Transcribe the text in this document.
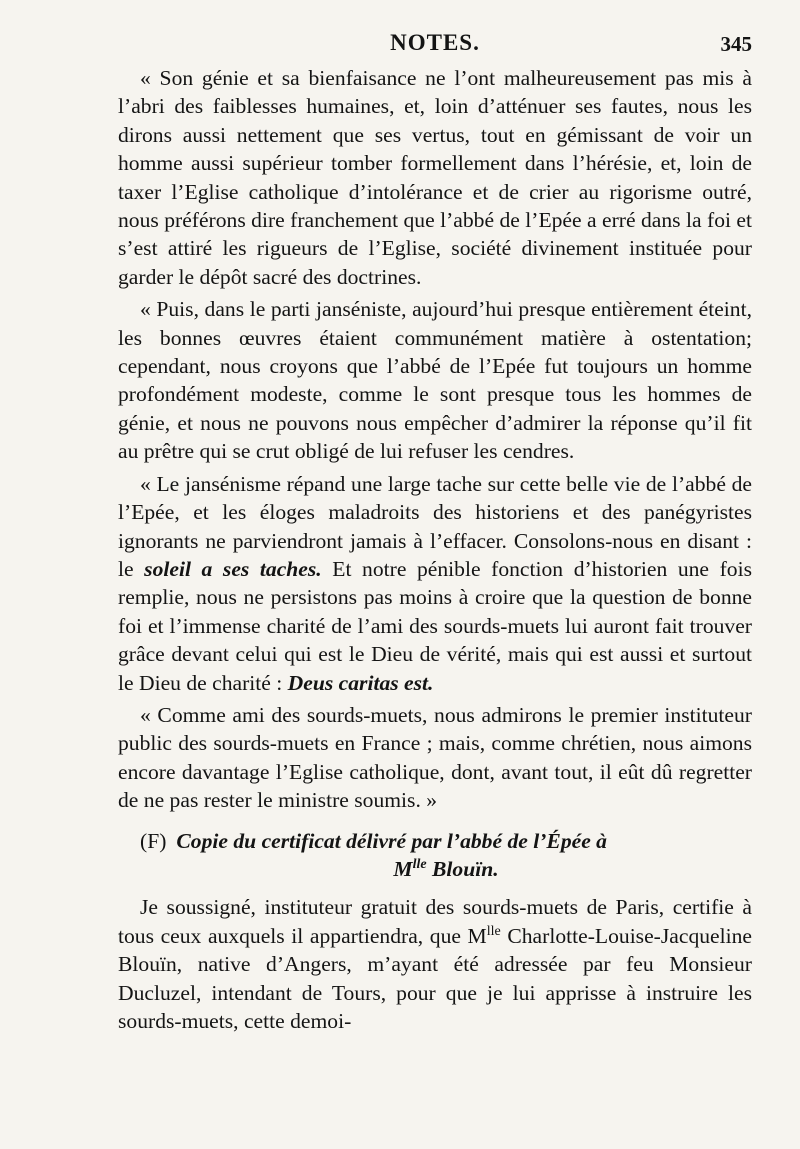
NOTES.	345

« Son génie et sa bienfaisance ne l’ont malheureusement pas mis à l’abri des faiblesses humaines, et, loin d’atténuer ses fautes, nous les dirons aussi nettement que ses vertus, tout en gémissant de voir un homme aussi supérieur tomber formellement dans l’hérésie, et, loin de taxer l’Eglise catholique d’intolérance et de crier au rigorisme outré, nous préférons dire franchement que l’abbé de l’Epée a erré dans la foi et s’est attiré les rigueurs de l’Eglise, société divinement instituée pour garder le dépôt sacré des doctrines.

« Puis, dans le parti janséniste, aujourd’hui presque entièrement éteint, les bonnes œuvres étaient communément matière à ostentation; cependant, nous croyons que l’abbé de l’Epée fut toujours un homme profondément modeste, comme le sont presque tous les hommes de génie, et nous ne pouvons nous empêcher d’admirer la réponse qu’il fit au prêtre qui se crut obligé de lui refuser les cendres.

« Le jansénisme répand une large tache sur cette belle vie de l’abbé de l’Epée, et les éloges maladroits des historiens et des panégyristes ignorants ne parviendront jamais à l’effacer. Consolons-nous en disant : le soleil a ses taches. Et notre pénible fonction d’historien une fois remplie, nous ne persistons pas moins à croire que la question de bonne foi et l’immense charité de l’ami des sourds-muets lui auront fait trouver grâce devant celui qui est le Dieu de vérité, mais qui est aussi et surtout le Dieu de charité : Deus caritas est.

« Comme ami des sourds-muets, nous admirons le premier instituteur public des sourds-muets en France ; mais, comme chrétien, nous aimons encore davantage l’Eglise catholique, dont, avant tout, il eût dû regretter de ne pas rester le ministre soumis. »

(F) Copie du certificat délivré par l’abbé de l’Épée à
$M^{lle}$ Blouïn.

Je soussigné, instituteur gratuit des sourds-muets de Paris, certifie à tous ceux auxquels il appartiendra, que $M^{lle}$ Charlotte-Louise-Jacqueline Blouïn, native d’Angers, m’ayant été adressée par feu Monsieur Ducluzel, intendant de Tours, pour que je lui apprisse à instruire les sourds-muets, cette demoi-
